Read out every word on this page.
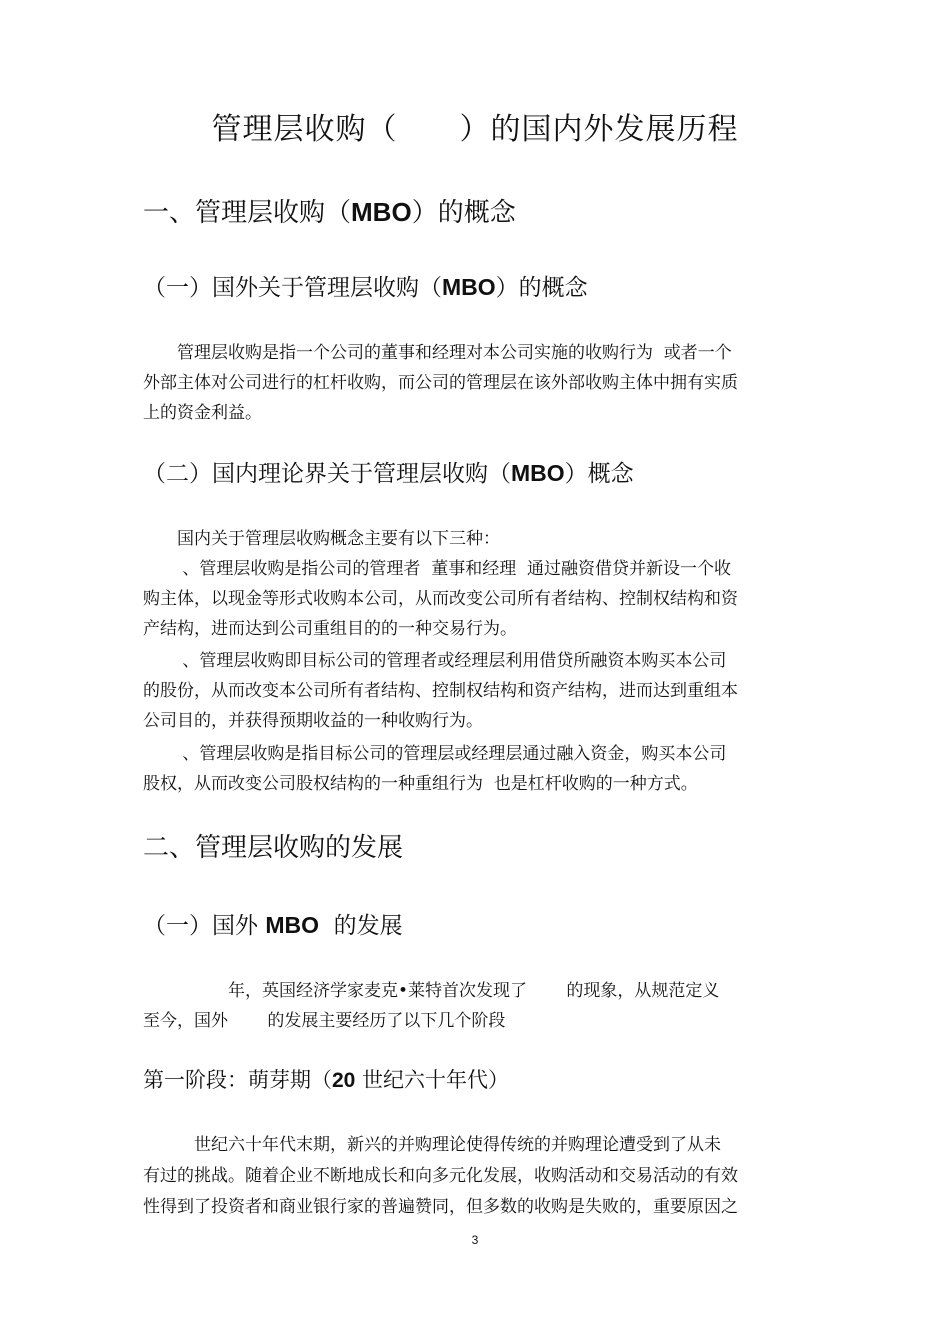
管理层收购（　　）的国内外发展历程
一、管理层收购（MBO）的概念
（一）国外关于管理层收购（MBO）的概念
　　管理层收购是指一个公司的董事和经理对本公司实施的收购行为  或者一个
外部主体对公司进行的杠杆收购，而公司的管理层在该外部收购主体中拥有实质
上的资金利益。
（二）国内理论界关于管理层收购（MBO）概念
　　国内关于管理层收购概念主要有以下三种：
　　 、管理层收购是指公司的管理者  董事和经理  通过融资借贷并新设一个收
购主体，以现金等形式收购本公司，从而改变公司所有者结构、控制权结构和资
产结构，进而达到公司重组目的的一种交易行为。
　　 、管理层收购即目标公司的管理者或经理层利用借贷所融资本购买本公司
的股份，从而改变本公司所有者结构、控制权结构和资产结构，进而达到重组本
公司目的，并获得预期收益的一种收购行为。
　　 、管理层收购是指目标公司的管理层或经理层通过融入资金，购买本公司
股权，从而改变公司股权结构的一种重组行为  也是杠杆收购的一种方式。
二、管理层收购的发展
（一）国外 MBO  的发展
　　　　　年，英国经济学家麦克•莱特首次发现了　　 的现象，从规范定义
至今，国外　　 的发展主要经历了以下几个阶段
第一阶段：萌芽期（20 世纪六十年代）
　　　世纪六十年代末期，新兴的并购理论使得传统的并购理论遭受到了从未
有过的挑战。随着企业不断地成长和向多元化发展，收购活动和交易活动的有效
性得到了投资者和商业银行家的普遍赞同，但多数的收购是失败的，重要原因之
3
